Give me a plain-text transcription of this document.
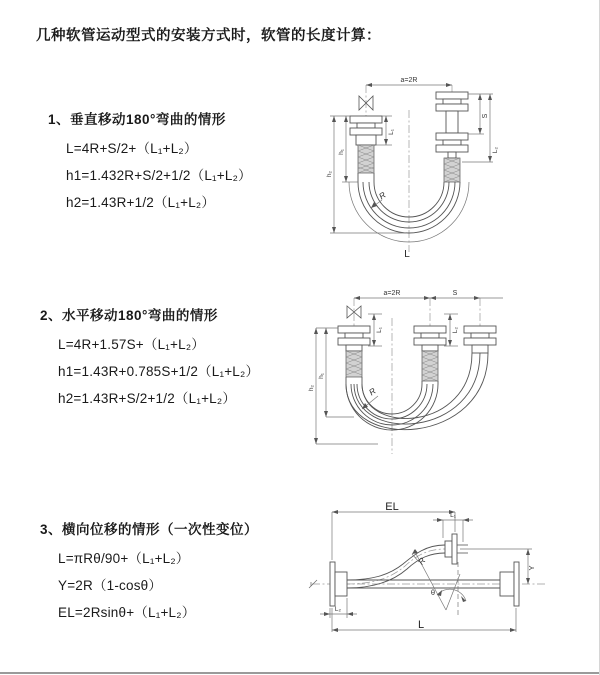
几种软管运动型式的安装方式时，软管的长度计算：
1、垂直移动180°弯曲的情形
L=4R+S/2+（L₁+L₂）
h1=1.432R+S/2+1/2（L₁+L₂）
h2=1.43R+1/2（L₁+L₂）
2、水平移动180°弯曲的情形
L=4R+1.57S+（L₁+L₂）
h1=1.43R+0.785S+1/2（L₁+L₂）
h2=1.43R+S/2+1/2（L₁+L₂）
3、横向位移的情形（一次性变位）
L=πRθ/90+（L₁+L₂）
Y=2R（1-cosθ）
EL=2Rsinθ+（L₁+L₂）
a=2R
S
L₂
h₂
h₁
L₁
R
L
a=2R	S
h₂
h₁
L₁	L₂
R
EL
L₁
Y
R
θ
L
L₂
